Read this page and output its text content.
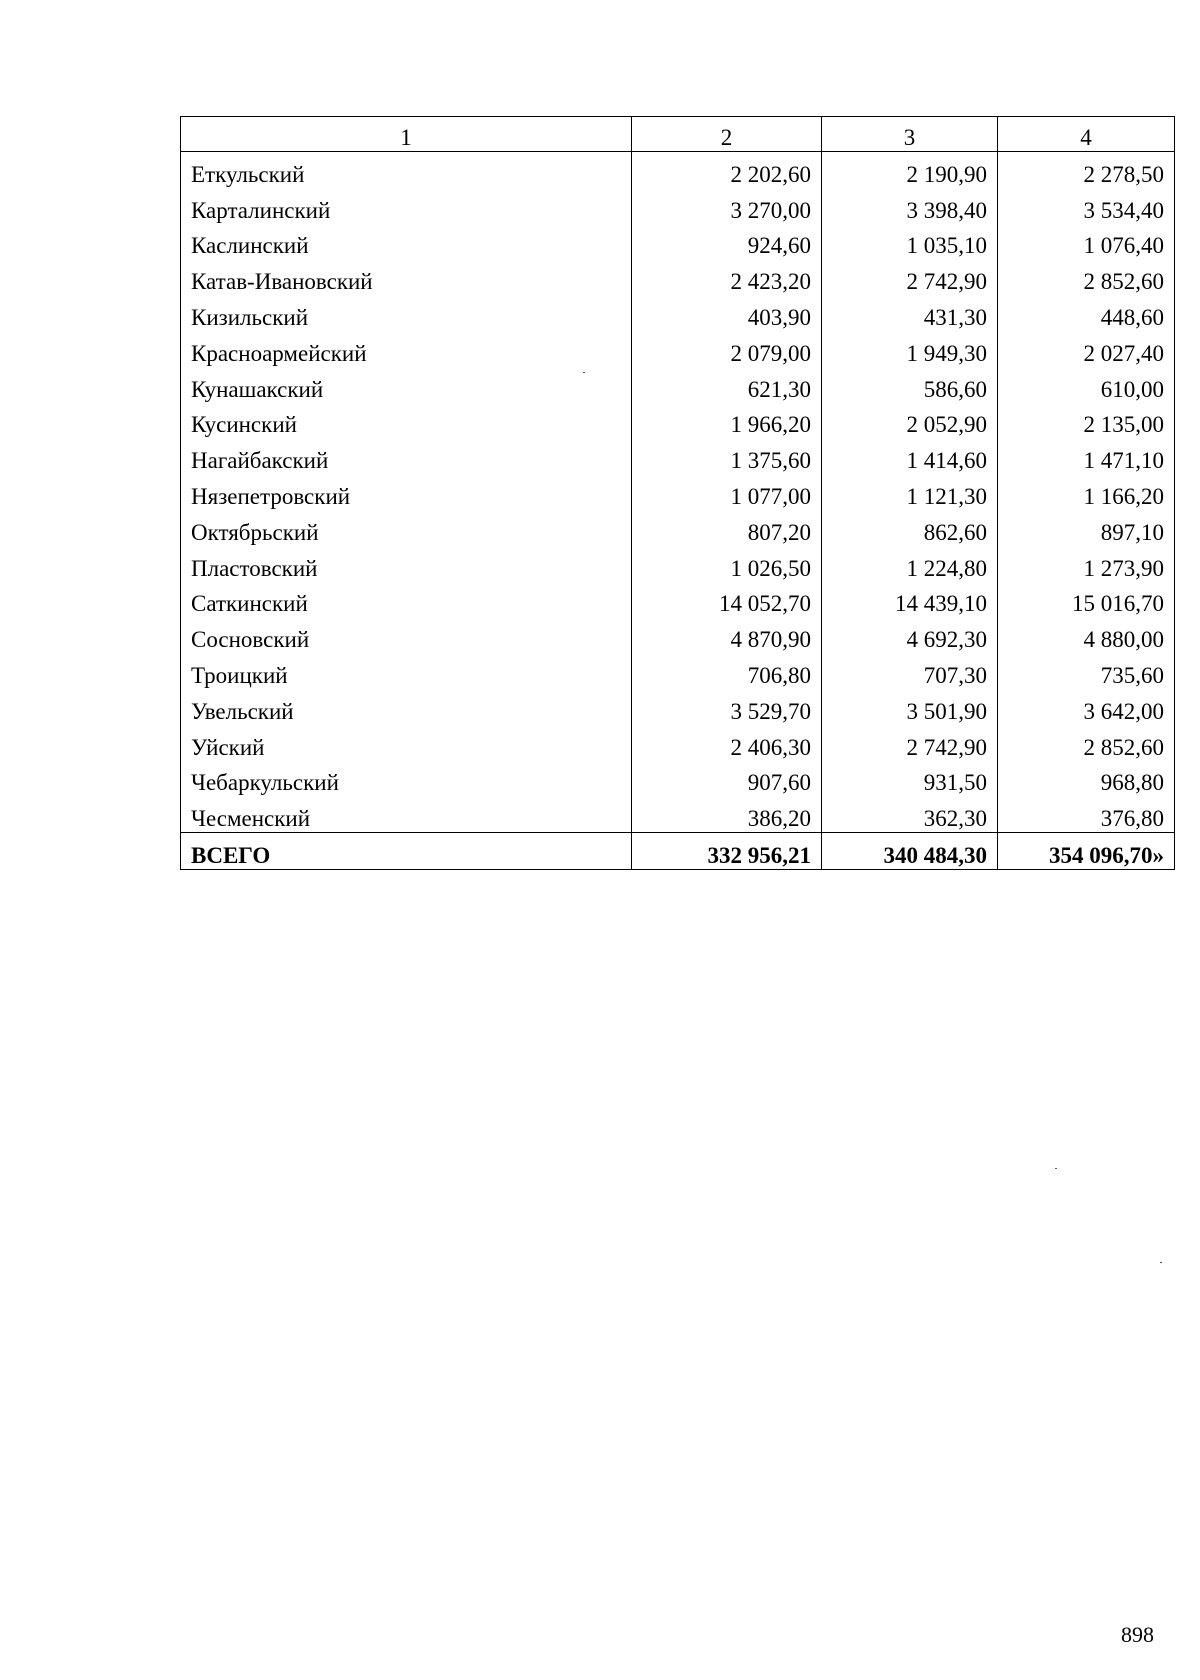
1	2	3	4
Еткульский	2 202,60	2 190,90	2 278,50
Карталинский	3 270,00	3 398,40	3 534,40
Каслинский	924,60	1 035,10	1 076,40
Катав-Ивановский	2 423,20	2 742,90	2 852,60
Кизильский	403,90	431,30	448,60
Красноармейский	2 079,00	1 949,30	2 027,40
Кунашакский	621,30	586,60	610,00
Кусинский	1 966,20	2 052,90	2 135,00
Нагайбакский	1 375,60	1 414,60	1 471,10
Нязепетровский	1 077,00	1 121,30	1 166,20
Октябрьский	807,20	862,60	897,10
Пластовский	1 026,50	1 224,80	1 273,90
Саткинский	14 052,70	14 439,10	15 016,70
Сосновский	4 870,90	4 692,30	4 880,00
Троицкий	706,80	707,30	735,60
Увельский	3 529,70	3 501,90	3 642,00
Уйский	2 406,30	2 742,90	2 852,60
Чебаркульский	907,60	931,50	968,80
Чесменский	386,20	362,30	376,80
ВСЕГО	332 956,21	340 484,30	354 096,70»
898
